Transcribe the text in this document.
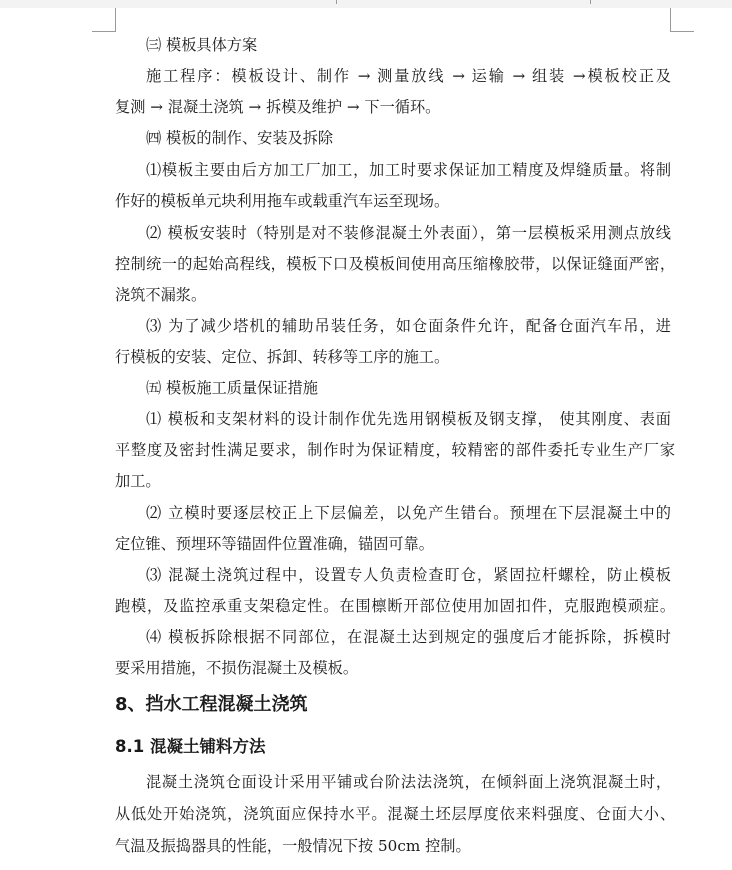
㈢ 模板具体方案
施工程序：模板设计、制作 → 测量放线 → 运输 → 组装 →模板校正及
复测 → 混凝土浇筑 → 拆模及维护 → 下一循环。
㈣ 模板的制作、安装及拆除
⑴模板主要由后方加工厂加工，加工时要求保证加工精度及焊缝质量。将制
作好的模板单元块利用拖车或载重汽车运至现场。
⑵ 模板安装时（特别是对不装修混凝土外表面），第一层模板采用测点放线
控制统一的起始高程线，模板下口及模板间使用高压缩橡胶带，以保证缝面严密，
浇筑不漏浆。
⑶ 为了减少塔机的辅助吊装任务，如仓面条件允许，配备仓面汽车吊，进
行模板的安装、定位、拆卸、转移等工序的施工。
㈤ 模板施工质量保证措施
⑴ 模板和支架材料的设计制作优先选用钢模板及钢支撑， 使其刚度、表面
平整度及密封性满足要求，制作时为保证精度，较精密的部件委托专业生产厂家
加工。
⑵ 立模时要逐层校正上下层偏差，以免产生错台。预埋在下层混凝土中的
定位锥、预埋环等锚固件位置准确，锚固可靠。
⑶ 混凝土浇筑过程中，设置专人负责检查盯仓，紧固拉杆螺栓，防止模板
跑模，及监控承重支架稳定性。在围檩断开部位使用加固扣件，克服跑模顽症。
⑷ 模板拆除根据不同部位，在混凝土达到规定的强度后才能拆除，拆模时
要采用措施，不损伤混凝土及模板。
8、挡水工程混凝土浇筑
8.1 混凝土铺料方法
混凝土浇筑仓面设计采用平铺或台阶法法浇筑，在倾斜面上浇筑混凝土时，
从低处开始浇筑，浇筑面应保持水平。混凝土坯层厚度依来料强度、仓面大小、
气温及振捣器具的性能，一般情况下按 50cm 控制。
